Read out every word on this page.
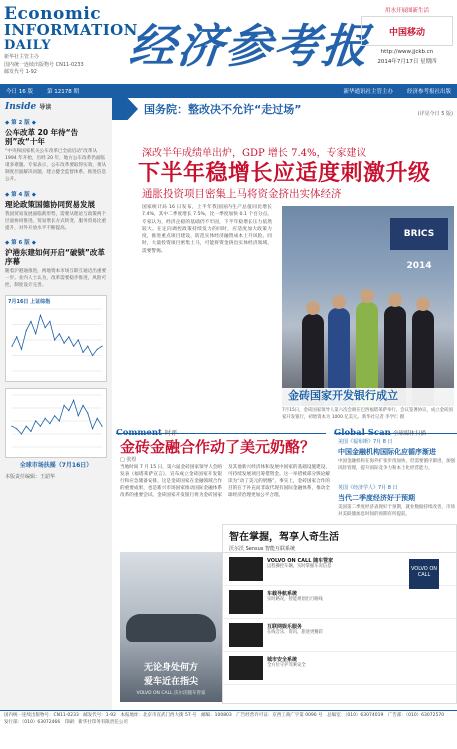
Economic
INFORMATION
DAILY
新华社主管主办
国内统一连续出版物号 CN11-0233
邮发代号 1-92	经济参考报
用水开展图新生活
中国移动
http://www.jjckb.cn
2014年7月17日 星期四
今日 16 版	第 12178 期	新华通讯社主管主办	经济参考报社出版
Inside 导读
◆ 第 2 版 ◆
公车改革 20 年待“告别”改“十年
“中央和国家机关公车改革已全面启动”改革从 1994 年开始，历经 20 年，地方公车改革仍面临诸多难题。专家表示，公车改革要取得实效，须从制度层面解决问题，建立健全监督体系，推进信息公开。
◆ 第 4 版 ◆
理论政策国德协同贸易发展
我国贸易发展面临新形势，需要从理论与政策两个层面协同推进。贸易增长方式转变，服务贸易比重提升，对外开放水平不断提高。
◆ 第 6 版 ◆
沪港东建如何开启“破锁”改革序幕
随着沪港通推进，两地资本市场互联互通迈出重要一步。业内人士认为，改革需要稳步推进，风险可控，制度设计完善。
7月16日 上证综指
全球市场扶摇（7月16日）
本版责任编辑：王韶华
国务院：整改决不允许“走过场”	(详见今日 5 版)
深改半年成绩单出炉，GDP 增长 7.4%，专家建议
下半年稳增长应适度刺激升级
通胀投资项目密集上马将资金挤出实体经济
国家统计局 16 日发布，上半年我国国内生产总值同比增长 7.4%，其中二季度增长 7.5%，比一季度加快 0.1 个百分点。专家认为，经济企稳的基础仍不牢固，下半年稳增长压力依然较大。在定向调控政策持续发力的同时，应适度加大政策力度，推进重点项目建设，防范实体经济融资成本上升风险。同时，大量投资项目密集上马，可能将资金挤出实体经济领域，需要警惕。
BRICS 2014
金砖国家开发银行成立
7月15日，金砖国家领导人第六次会晤在巴西福塔莱萨举行。会议签署协议，成立金砖国家开发银行，初始资本为 1000 亿美元。新华社记者 李学仁 摄
Comment 时评
金砖金融合作动了美元奶酪？
□ 张煜
当地时间 7 月 15 日，第六届金砖国家领导人会晤发表《福塔莱萨宣言》，宣布成立金砖国家开发银行和应急储备安排。这是金砖国家在金融领域合作的重要成果，也是新兴市场国家推动国际金融体系改革的重要尝试。金砖国家开发银行将为金砖国家及其他新兴经济体和发展中国家的基础设施建设、可持续发展项目筹措资金。这一举措被部分舆论解读为“动了美元的奶酪”。事实上，金砖国家合作的目的在于补充而非取代现有国际金融体系，推动全球经济治理更加公平合理。
Global Scan 全球媒体扫描
美国《福布斯》7月 8 日
中国金融机构国际化应循序渐进
中国金融机构在海外扩张步伐加快，但需要循序渐进，加强风险管理，提升国际竞争力和本土化经营能力。
英国《经济学人》7月 8 日
当代二季度经济好于预期
美国第二季度经济表现好于预期，就业数据持续改善，市场对美联储加息时间的预期有所提前。
无论身处何方
爱车近在指尖
VOLVO ON CALL 沃尔沃随车管家
智在掌握，驾享人奇生活
沃尔沃 Sensus 智能互联系统
VOLVO ON CALL 随车管家
远程操控车辆，实时掌握车况信息
车载导航系统
实时路况，智能规划出行路线
互联网娱乐服务
在线音乐、资讯，旅途更精彩
城市安全系统
全方位守护驾乘安全
VOLVO ON CALL
国内统一连续出版物号：CN11-0233　邮发代号：1-92　本报地址：北京市宣武门西大街 57 号　邮编：100803　广告经营许可证：京西工商广字第 0090 号　总编室：（010）63074019　广告部：（010）63072570　发行部：（010）63072466　印刷：新华社印务有限责任公司
